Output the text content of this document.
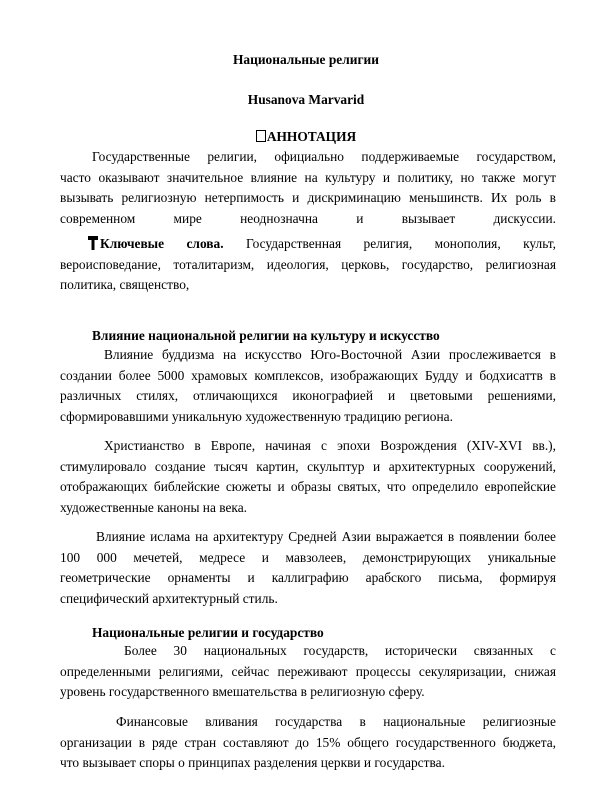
Национальные религии
Husanova Marvarid
АННОТАЦИЯ
Государственные религии, официально поддерживаемые государством,
часто оказывают значительное влияние на культуру и политику, но также могут
вызывать религиозную нетерпимость и дискриминацию меньшинств. Их роль в
современном мире неоднозначна и вызывает дискуссии.
Ключевые слова. Государственная религия, монополия, культ,
вероисповедание, тоталитаризм, идеология, церковь, государство, религиозная
политика, священство,
Влияние национальной религии на культуру и искусство
Влияние буддизма на искусство Юго-Восточной Азии прослеживается в
создании более 5000 храмовых комплексов, изображающих Будду и бодхисаттв в
различных стилях, отличающихся иконографией и цветовыми решениями,
сформировавшими уникальную художественную традицию региона.
Христианство в Европе, начиная с эпохи Возрождения (XIV-XVI вв.),
стимулировало создание тысяч картин, скульптур и архитектурных сооружений,
отображающих библейские сюжеты и образы святых, что определило европейские
художественные каноны на века.
Влияние ислама на архитектуру Средней Азии выражается в появлении более
100 000 мечетей, медресе и мавзолеев, демонстрирующих уникальные
геометрические орнаменты и каллиграфию арабского письма, формируя
специфический архитектурный стиль.
Национальные религии и государство
Более 30 национальных государств, исторически связанных с
определенными религиями, сейчас переживают процессы секуляризации, снижая
уровень государственного вмешательства в религиозную сферу.
Финансовые вливания государства в национальные религиозные
организации в ряде стран составляют до 15% общего государственного бюджета,
что вызывает споры о принципах разделения церкви и государства.
